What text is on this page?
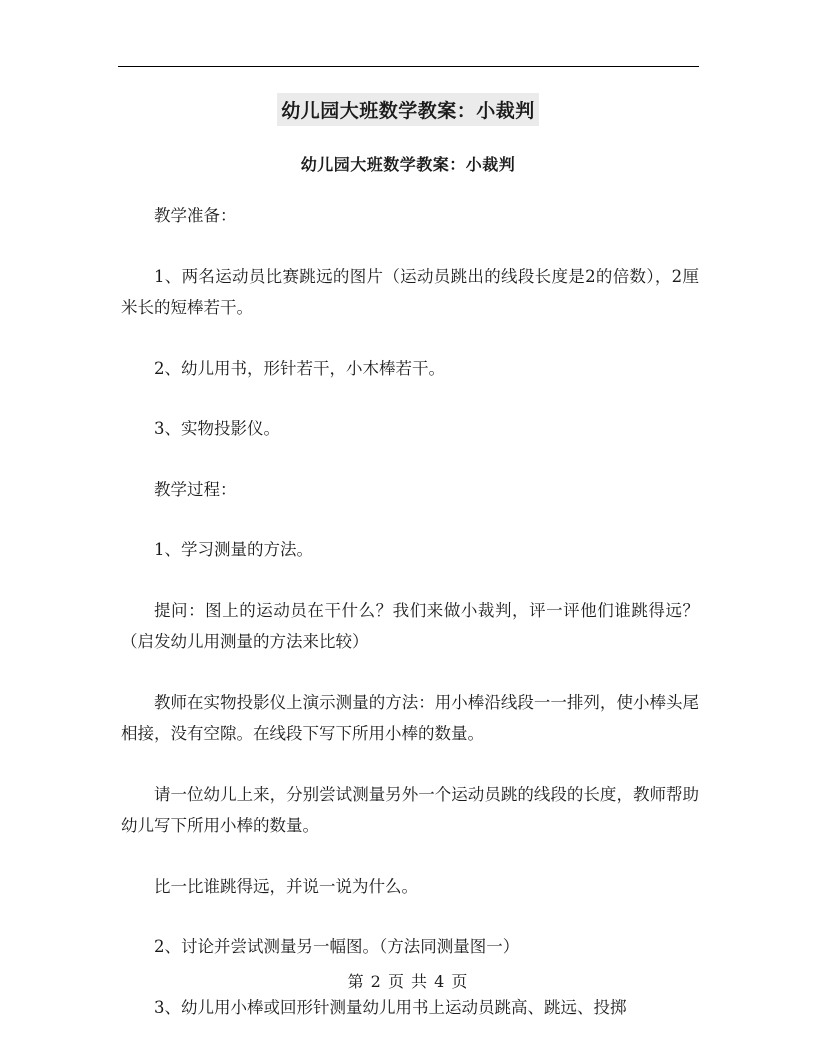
幼儿园大班数学教案：小裁判
幼儿园大班数学教案：小裁判

教学准备：

1、两名运动员比赛跳远的图片（运动员跳出的线段长度是2的倍数），2厘米长的短棒若干。

2、幼儿用书，形针若干，小木棒若干。

3、实物投影仪。

教学过程：

1、学习测量的方法。

提问：图上的运动员在干什么？我们来做小裁判，评一评他们谁跳得远？（启发幼儿用测量的方法来比较）

教师在实物投影仪上演示测量的方法：用小棒沿线段一一排列，使小棒头尾相接，没有空隙。在线段下写下所用小棒的数量。

请一位幼儿上来，分别尝试测量另外一个运动员跳的线段的长度，教师帮助幼儿写下所用小棒的数量。

比一比谁跳得远，并说一说为什么。

2、讨论并尝试测量另一幅图。（方法同测量图一）

3、幼儿用小棒或回形针测量幼儿用书上运动员跳高、跳远、投掷

第 2 页 共 4 页
